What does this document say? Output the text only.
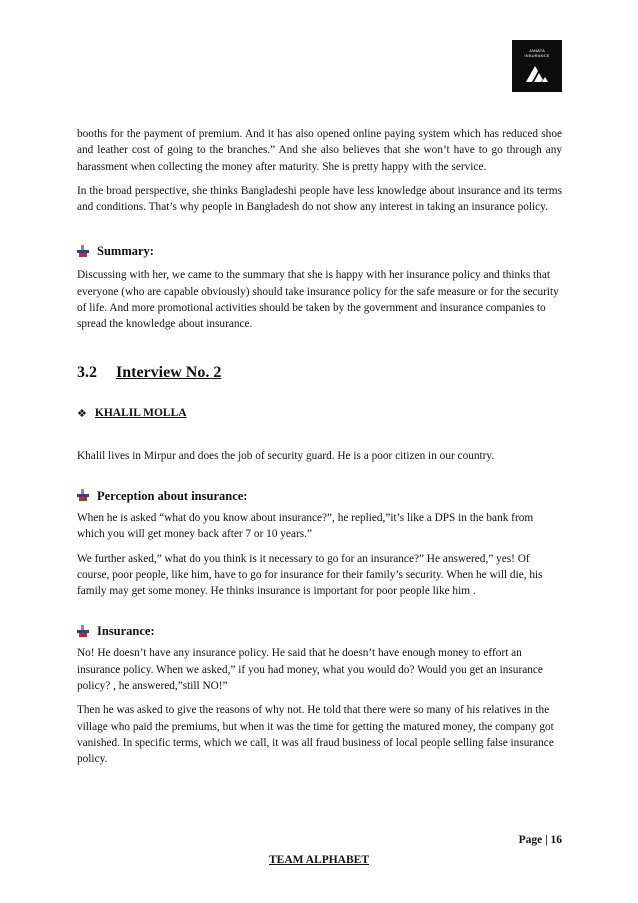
JANATA
INSURANCE

booths for the payment of premium. And it has also opened online paying system which has reduced shoe and leather cost of going to the branches.” And she also believes that she won’t have to go through any harassment when collecting the money after maturity. She is pretty happy with the service.

In the broad perspective, she thinks Bangladeshi people have less knowledge about insurance and its terms and conditions. That’s why people in Bangladesh do not show any interest in taking an insurance policy.

Summary:

Discussing with her, we came to the summary that she is happy with her insurance policy and thinks that everyone (who are capable obviously) should take insurance policy for the safe measure or for the security of life. And more promotional activities should be taken by the government and insurance companies to spread the knowledge about insurance.

3.2 Interview No. 2
❖ KHALIL MOLLA

Khalil lives in Mirpur and does the job of security guard. He is a poor citizen in our country.

Perception about insurance:

When he is asked “what do you know about insurance?”, he replied,”it’s like a DPS in the bank from which you will get money back after 7 or 10 years.”

We further asked,” what do you think is it necessary to go for an insurance?” He answered,” yes! Of course, poor people, like him, have to go for insurance for their family’s security. When he will die, his family may get some money. He thinks insurance is important for poor people like him .

Insurance:

No! He doesn’t have any insurance policy. He said that he doesn’t have enough money to effort an insurance policy. When we asked,” if you had money, what you would do? Would you get an insurance policy? , he answered,”still NO!”

Then he was asked to give the reasons of why not. He told that there were so many of his relatives in the village who paid the premiums, but when it was the time for getting the matured money, the company got vanished. In specific terms, which we call, it was all fraud business of local people selling false insurance policy.

Page | 16
TEAM ALPHABET
